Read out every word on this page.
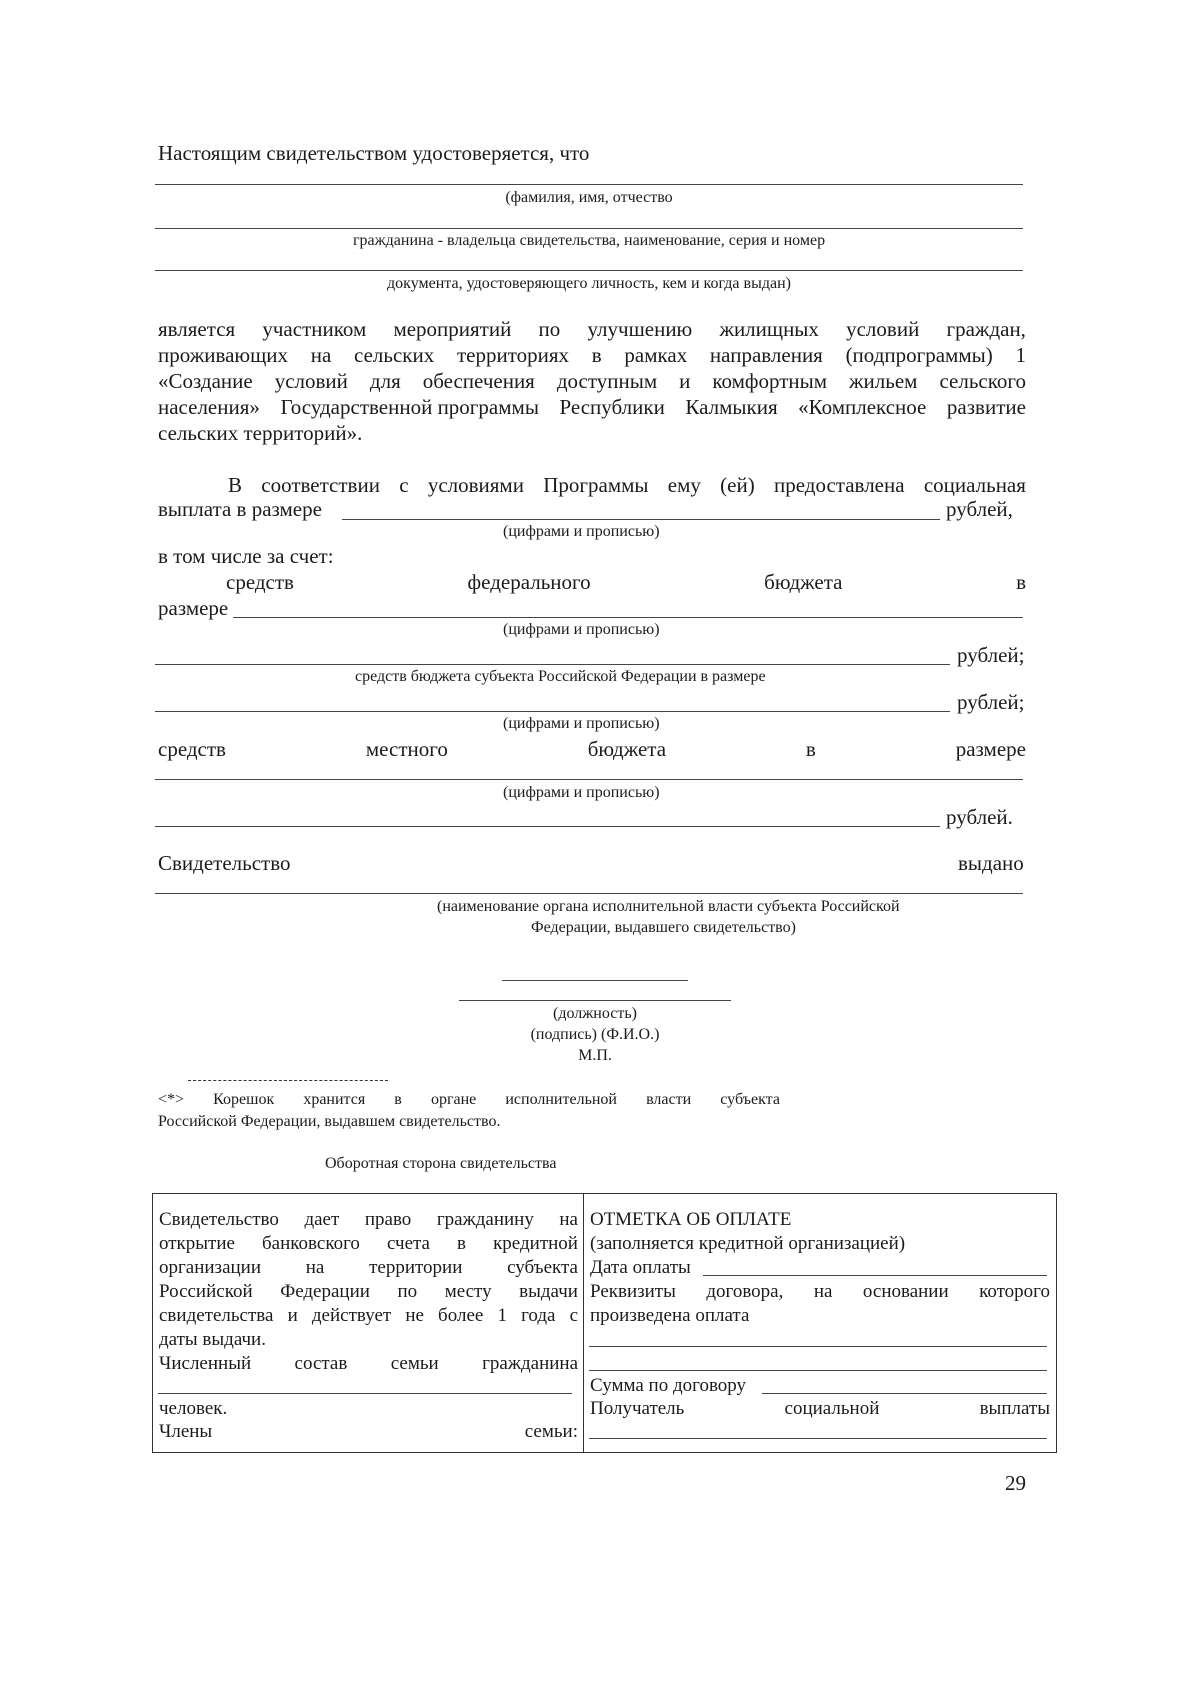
Настоящим свидетельством удостоверяется, что
(фамилия, имя, отчество
гражданина - владельца свидетельства, наименование, серия и номер
документа, удостоверяющего личность, кем и когда выдан)
является участником мероприятий по улучшению жилищных условий граждан,
проживающих на сельских территориях в рамках направления (подпрограммы) 1
«Создание условий для обеспечения доступным и комфортным жильем сельского
населения» Государственной программы Республики Калмыкия «Комплексное развитие
сельских территорий».
В соответствии с условиями Программы ему (ей) предоставлена социальная
выплата в размере	рублей,
(цифрами и прописью)
в том числе за счет:
средств	федерального	бюджета	в
размере
(цифрами и прописью)
рублей;
средств бюджета субъекта Российской Федерации в размере
рублей;
(цифрами и прописью)
средств	местного	бюджета	в	размере
(цифрами и прописью)
рублей.
Свидетельство	выдано
(наименование органа исполнительной власти субъекта Российской
Федерации, выдавшего свидетельство)
(должность)
(подпись) (Ф.И.О.)
М.П.
<*> Корешок хранится в органе исполнительной власти субъекта
Российской Федерации, выдавшем свидетельство.
Оборотная сторона свидетельства
Свидетельство дает право гражданину на
открытие банковского счета в кредитной
организации на территории субъекта
Российской Федерации по месту выдачи
свидетельства и действует не более 1 года с
даты выдачи.
Численный состав семьи гражданина
человек.
Члены	семьи:
ОТМЕТКА ОБ ОПЛАТЕ
(заполняется кредитной организацией)
Дата оплаты
Реквизиты договора, на основании которого
произведена оплата
Сумма по договору
Получатель	социальной	выплаты
29
